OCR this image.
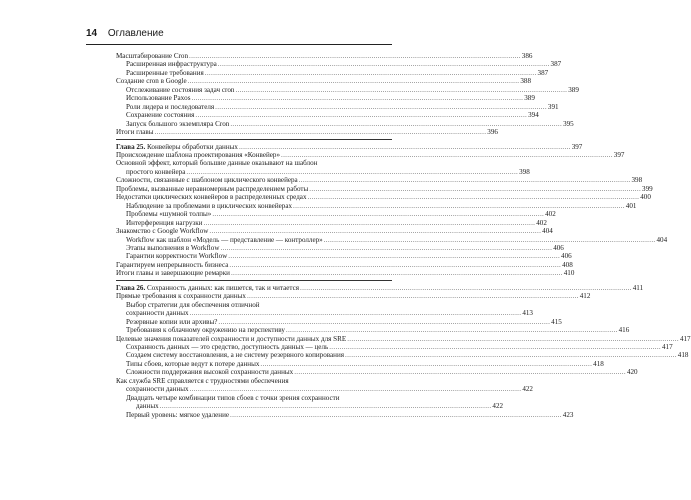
14 Оглавление
Масштабирование Cron .....	386
Расширенная инфраструктура .....	387
Расширенные требования .....	387
Создание cron в Google .....	388
Отслеживание состояния задач cron .....	389
Использование Paxos .....	389
Роли лидера и последователя .....	391
Сохранение состояния .....	394
Запуск большого экземпляра Cron .....	395
Итоги главы .....	396
Глава 25. Конвейеры обработки данных .....	397
Происхождение шаблона проектирования «Конвейер» .....	397
Основной эффект, который большие данные оказывают на шаблон
простого конвейера .....	398
Сложности, связанные с шаблоном циклического конвейера .....	398
Проблемы, вызванные неравномерным распределением работы .....	399
Недостатки циклических конвейеров в распределенных средах .....	400
Наблюдение за проблемами в циклических конвейерах .....	401
Проблемы «шумной толпы» .....	402
Интерференция нагрузки .....	402
Знакомство с Google Workflow .....	404
Workflow как шаблон «Модель — представление — контроллер» .....	404
Этапы выполнения в Workflow .....	406
Гарантии корректности Workflow .....	406
Гарантируем непрерывность бизнеса .....	408
Итоги главы и завершающие ремарки .....	410
Глава 26. Сохранность данных: как пишется, так и читается .....	411
Прямые требования к сохранности данных .....	412
Выбор стратегии для обеспечения отличной
сохранности данных .....	413
Резервные копии или архивы? .....	415
Требования к облачному окружению на перспективу .....	416
Целевые значения показателей сохранности и доступности данных для SRE .....	417
Сохранность данных — это средство, доступность данных — цель .....	417
Создаем систему восстановления, а не систему резервного копирования .....	418
Типы сбоев, которые ведут к потере данных .....	418
Сложности поддержания высокой сохранности данных .....	420
Как служба SRE справляется с трудностями обеспечения
сохранности данных .....	422
Двадцать четыре комбинации типов сбоев с точки зрения сохранности
данных .....	422
Первый уровень: мягкое удаление .....	423
